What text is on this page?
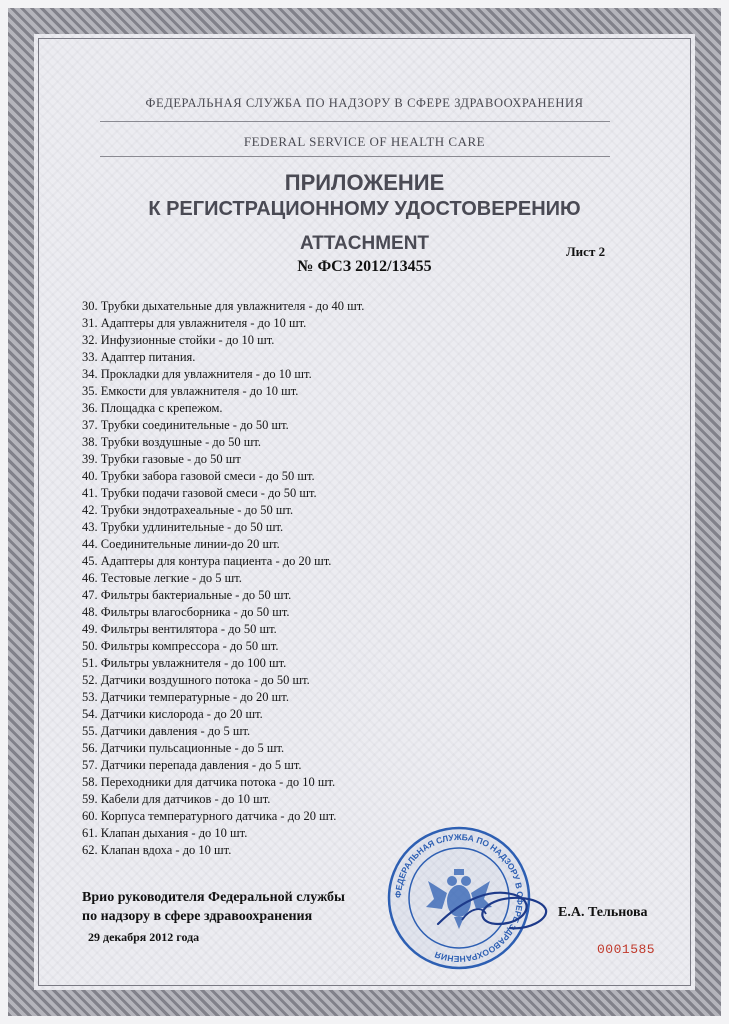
ФЕДЕРАЛЬНАЯ СЛУЖБА ПО НАДЗОРУ В СФЕРЕ ЗДРАВООХРАНЕНИЯ
FEDERAL SERVICE OF HEALTH CARE
ПРИЛОЖЕНИЕ
К РЕГИСТРАЦИОННОМУ УДОСТОВЕРЕНИЮ
ATTACHMENT
№ ФСЗ 2012/13455
Лист 2
30. Трубки дыхательные для увлажнителя - до 40 шт.
31. Адаптеры для увлажнителя - до 10 шт.
32. Инфузионные стойки - до 10 шт.
33. Адаптер питания.
34. Прокладки для увлажнителя - до 10 шт.
35. Емкости для увлажнителя - до 10 шт.
36. Площадка с крепежом.
37. Трубки соединительные - до 50 шт.
38. Трубки воздушные - до 50 шт.
39. Трубки газовые - до 50 шт
40. Трубки забора газовой смеси - до 50 шт.
41. Трубки подачи газовой смеси - до 50 шт.
42. Трубки эндотрахеальные - до 50 шт.
43. Трубки удлинительные - до 50 шт.
44. Соединительные линии-до 20 шт.
45. Адаптеры для контура пациента - до 20 шт.
46. Тестовые легкие - до 5 шт.
47. Фильтры бактериальные - до 50 шт.
48. Фильтры влагосборника - до 50 шт.
49. Фильтры вентилятора - до 50 шт.
50. Фильтры компрессора - до 50 шт.
51. Фильтры увлажнителя - до 100 шт.
52. Датчики воздушного потока - до 50 шт.
53. Датчики температурные - до 20 шт.
54. Датчики кислорода - до 20 шт.
55. Датчики давления - до 5 шт.
56. Датчики пульсационные - до 5 шт.
57. Датчики перепада давления - до 5 шт.
58. Переходники для датчика потока - до 10 шт.
59. Кабели для датчиков - до 10 шт.
60. Корпуса температурного датчика - до 20 шт.
61. Клапан дыхания - до 10 шт.
62. Клапан вдоха - до 10 шт.
ФЕДЕРАЛЬНАЯ СЛУЖБА ПО НАДЗОРУ В СФЕРЕ ЗДРАВООХРАНЕНИЯ
Врио руководителя Федеральной службы
по надзору в сфере здравоохранения
29 декабря 2012 года
Е.А. Тельнова
0001585
